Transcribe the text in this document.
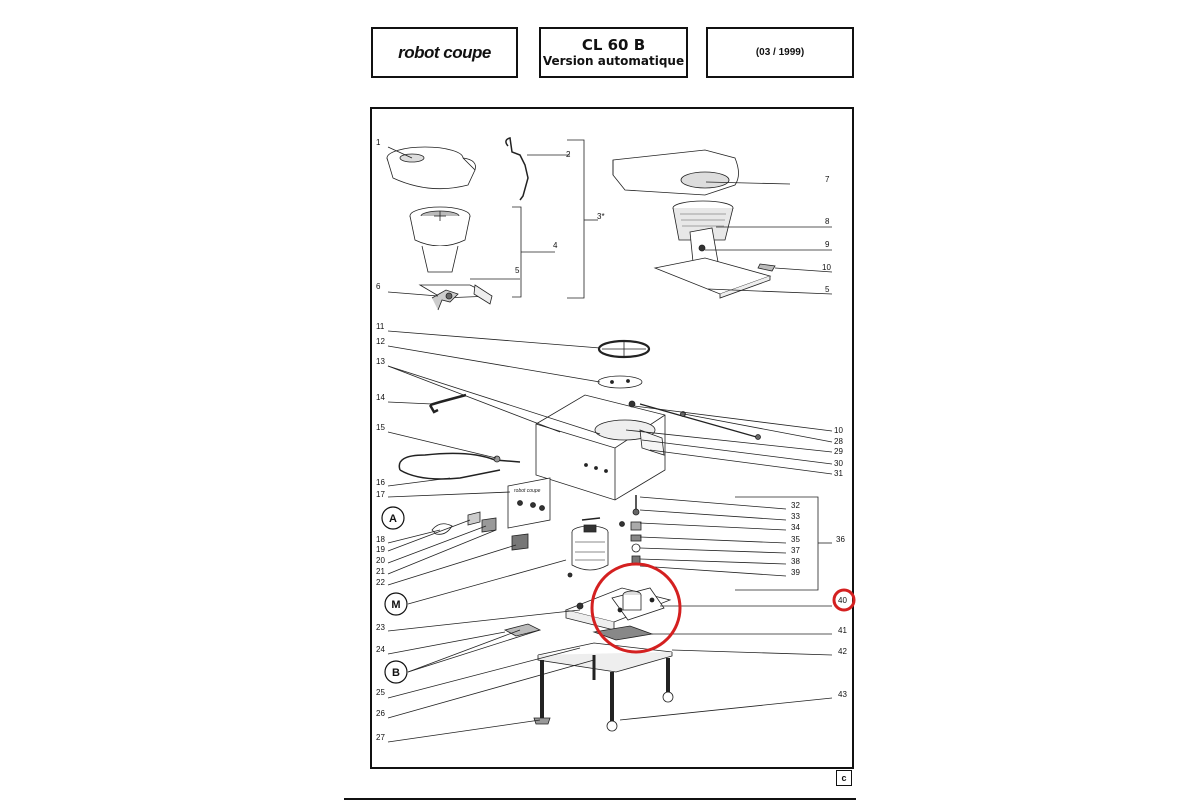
robot coupe	CL 60 B
Version automatique
(03 / 1999)
robot coupe
1
2
3*
4
5
6
7
8
9
10
5
11
12
13
14
15
16
17
18
19
20
21
22
23
24
25
26
27
10
28
29
30
31
32
33
34
35	36
37
38
39
40
41
42
43
A
M
B
c
